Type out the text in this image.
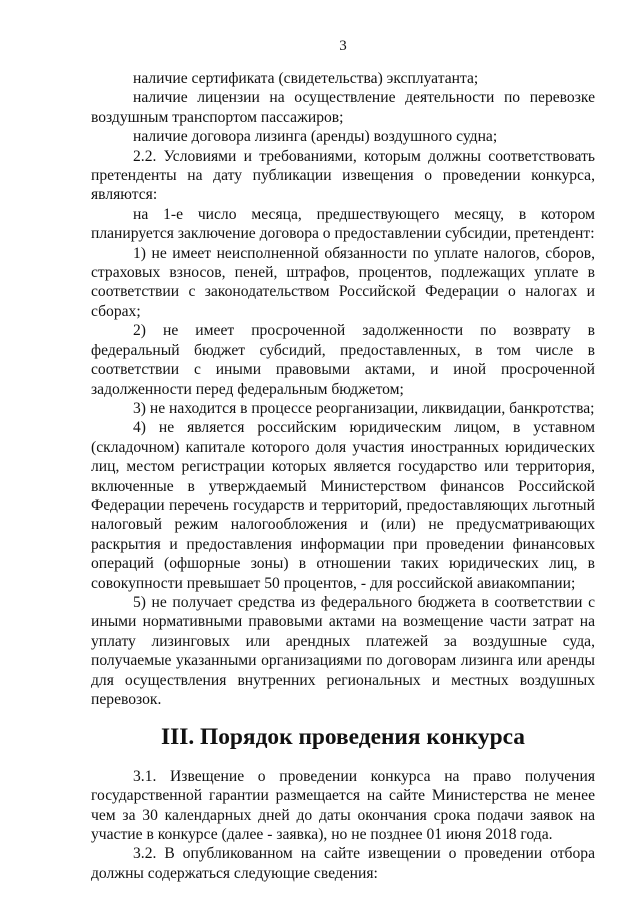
3

наличие сертификата (свидетельства) эксплуатанта;

наличие лицензии на осуществление деятельности по перевозке воздушным транспортом пассажиров;

наличие договора лизинга (аренды) воздушного судна;

2.2. Условиями и требованиями, которым должны соответствовать претенденты на дату публикации извещения о проведении конкурса, являются:

на 1-е число месяца, предшествующего месяцу, в котором планируется заключение договора о предоставлении субсидии, претендент:

1) не имеет неисполненной обязанности по уплате налогов, сборов, страховых взносов, пеней, штрафов, процентов, подлежащих уплате в соответствии с законодательством Российской Федерации о налогах и сборах;

2) не имеет просроченной задолженности по возврату в федеральный бюджет субсидий, предоставленных, в том числе в соответствии с иными правовыми актами, и иной просроченной задолженности перед федеральным бюджетом;

3) не находится в процессе реорганизации, ликвидации, банкротства;

4) не является российским юридическим лицом, в уставном (складочном) капитале которого доля участия иностранных юридических лиц, местом регистрации которых является государство или территория, включенные в утверждаемый Министерством финансов Российской Федерации перечень государств и территорий, предоставляющих льготный налоговый режим налогообложения и (или) не предусматривающих раскрытия и предоставления информации при проведении финансовых операций (офшорные зоны) в отношении таких юридических лиц, в совокупности превышает 50 процентов, - для российской авиакомпании;

5) не получает средства из федерального бюджета в соответствии с иными нормативными правовыми актами на возмещение части затрат на уплату лизинговых или арендных платежей за воздушные суда, получаемые указанными организациями по договорам лизинга или аренды для осуществления внутренних региональных и местных воздушных перевозок.

III. Порядок проведения конкурса

3.1. Извещение о проведении конкурса на право получения государственной гарантии размещается на сайте Министерства не менее чем за 30 календарных дней до даты окончания срока подачи заявок на участие в конкурсе (далее - заявка), но не позднее 01 июня 2018 года.

3.2. В опубликованном на сайте извещении о проведении отбора должны содержаться следующие сведения:
